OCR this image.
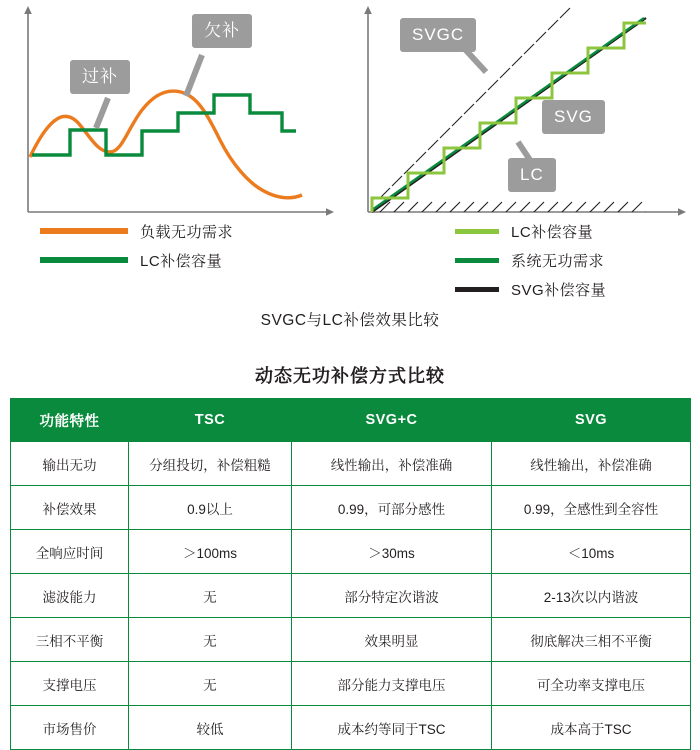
过补
欠补	SVGC
SVG
LC
负载无功需求
LC补偿容量
LC补偿容量
系统无功需求
SVG补偿容量
SVGC与LC补偿效果比较
动态无功补偿方式比较
功能特性	TSC	SVG+C	SVG
输出无功	分组投切，补偿粗糙	线性输出，补偿准确	线性输出，补偿准确
补偿效果	0.9以上	0.99，可部分感性	0.99，全感性到全容性
全响应时间	＞100ms	＞30ms	＜10ms
滤波能力	无	部分特定次谐波	2-13次以内谐波
三相不平衡	无	效果明显	彻底解决三相不平衡
支撑电压	无	部分能力支撑电压	可全功率支撑电压
市场售价	较低	成本约等同于TSC	成本高于TSC
